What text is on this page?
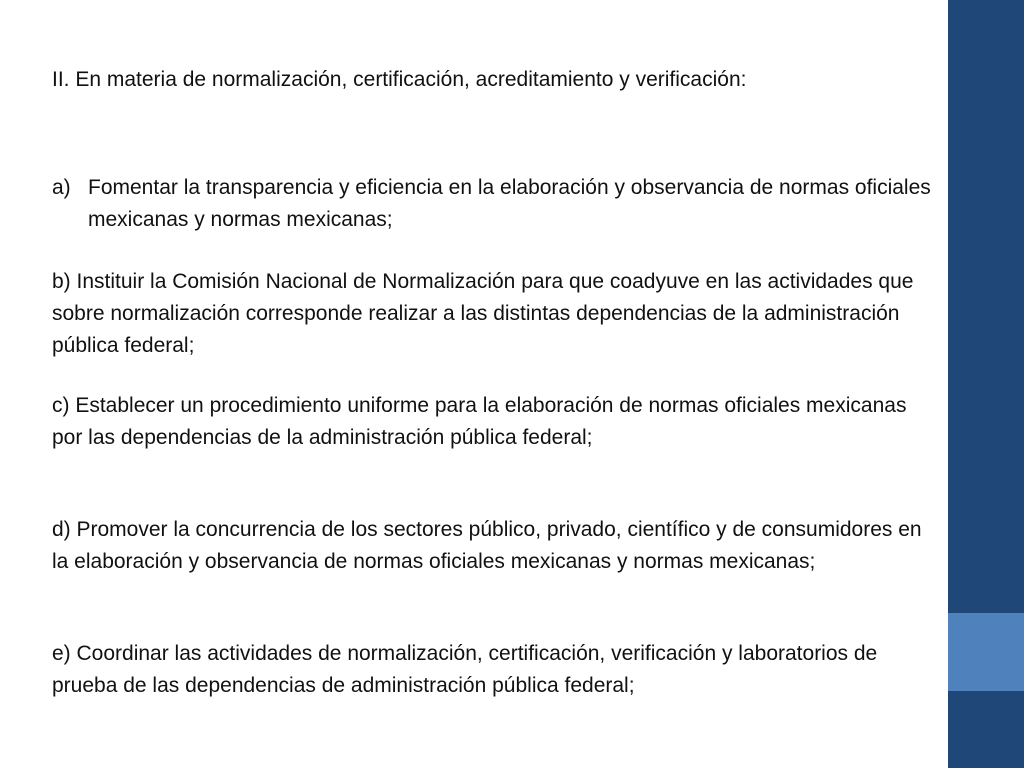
II. En materia de normalización, certificación, acreditamiento y verificación:

a) Fomentar la transparencia y eficiencia en la elaboración y observancia de normas oficiales mexicanas y normas mexicanas;

b) Instituir la Comisión Nacional de Normalización para que coadyuve en las actividades que sobre normalización corresponde realizar a las distintas dependencias de la administración pública federal;

c) Establecer un procedimiento uniforme para la elaboración de normas oficiales mexicanas por las dependencias de la administración pública federal;

d) Promover la concurrencia de los sectores público, privado, científico y de consumidores en la elaboración y observancia de normas oficiales mexicanas y normas mexicanas;

e) Coordinar las actividades de normalización, certificación, verificación y laboratorios de prueba de las dependencias de administración pública federal;
